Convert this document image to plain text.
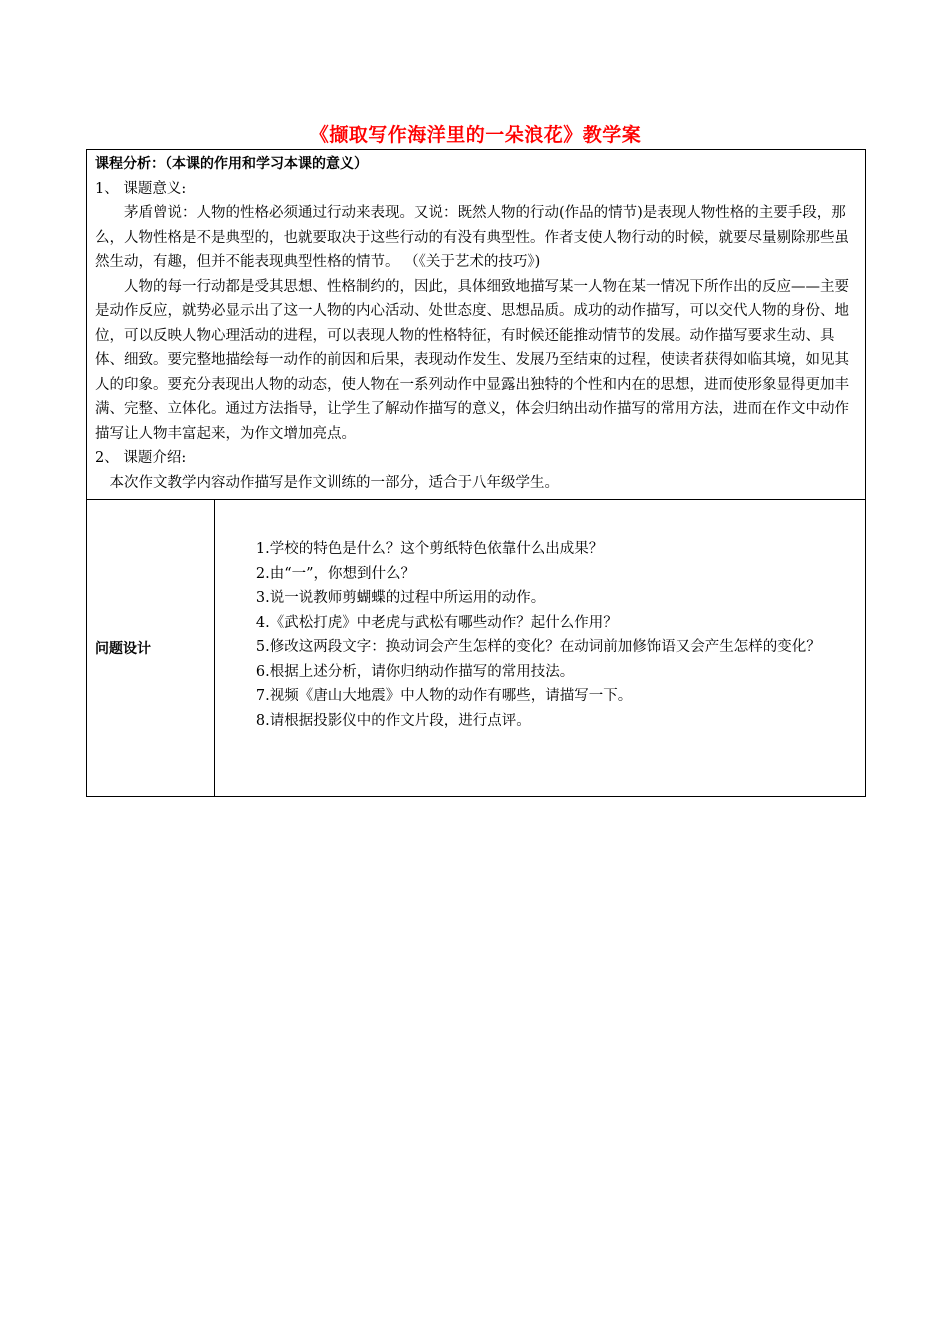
《撷取写作海洋里的一朵浪花》教学案

课程分析：（本课的作用和学习本课的意义）

1、 课题意义:

茅盾曾说：人物的性格必须通过行动来表现。又说：既然人物的行动(作品的情节)是表现人物性格的主要手段，那么，人物性格是不是典型的，也就要取决于这些行动的有没有典型性。作者支使人物行动的时候，就要尽量剔除那些虽然生动，有趣，但并不能表现典型性格的情节。 （《关于艺术的技巧》)

人物的每一行动都是受其思想、性格制约的，因此，具体细致地描写某一人物在某一情况下所作出的反应——主要是动作反应，就势必显示出了这一人物的内心活动、处世态度、思想品质。成功的动作描写，可以交代人物的身份、地位，可以反映人物心理活动的进程，可以表现人物的性格特征，有时候还能推动情节的发展。动作描写要求生动、具体、细致。要完整地描绘每一动作的前因和后果，表现动作发生、发展乃至结束的过程，使读者获得如临其境，如见其人的印象。要充分表现出人物的动态，使人物在一系列动作中显露出独特的个性和内在的思想，进而使形象显得更加丰满、完整、立体化。通过方法指导，让学生了解动作描写的意义，体会归纳出动作描写的常用方法，进而在作文中动作描写让人物丰富起来，为作文增加亮点。

2、 课题介绍:

本次作文教学内容动作描写是作文训练的一部分，适合于八年级学生。

问题设计

1.学校的特色是什么？这个剪纸特色依靠什么出成果？

2.由“一”，你想到什么？

3.说一说教师剪蝴蝶的过程中所运用的动作。

4.《武松打虎》中老虎与武松有哪些动作？起什么作用？

5.修改这两段文字：换动词会产生怎样的变化？在动词前加修饰语又会产生怎样的变化？

6.根据上述分析，请你归纳动作描写的常用技法。

7.视频《唐山大地震》中人物的动作有哪些，请描写一下。

8.请根据投影仪中的作文片段，进行点评。
